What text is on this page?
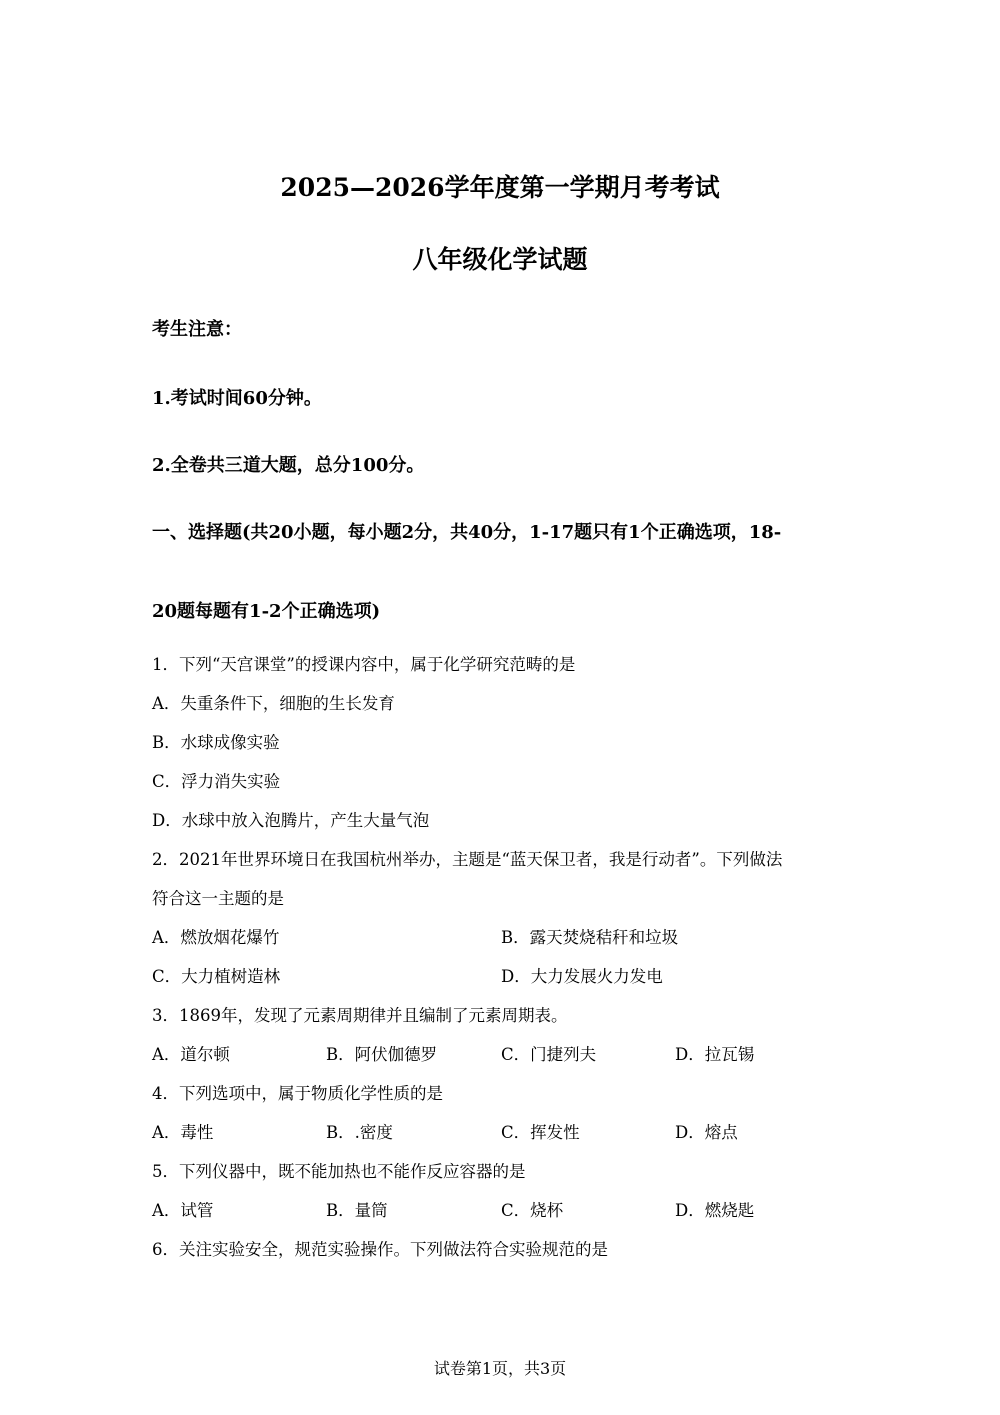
2025—2026学年度第一学期月考考试
八年级化学试题
考生注意：
1.考试时间60分钟。
2.全卷共三道大题，总分100分。
一、选择题(共20小题，每小题2分，共40分，1-17题只有1个正确选项，18-
20题每题有1-2个正确选项)
1．下列“天宫课堂”的授课内容中，属于化学研究范畴的是
A．失重条件下，细胞的生长发育
B．水球成像实验
C．浮力消失实验
D．水球中放入泡腾片，产生大量气泡
2．2021年世界环境日在我国杭州举办，主题是“蓝天保卫者，我是行动者”。下列做法
符合这一主题的是
A．燃放烟花爆竹	B．露天焚烧秸秆和垃圾
C．大力植树造林	D．大力发展火力发电
3．1869年，发现了元素周期律并且编制了元素周期表。
A．道尔顿	B．阿伏伽德罗	C．门捷列夫	D．拉瓦锡
4．下列选项中，属于物质化学性质的是
A．毒性	B．.密度	C．挥发性	D．熔点
5．下列仪器中，既不能加热也不能作反应容器的是
A．试管	B．量筒	C．烧杯	D．燃烧匙
6．关注实验安全，规范实验操作。下列做法符合实验规范的是
试卷第1页，共3页
